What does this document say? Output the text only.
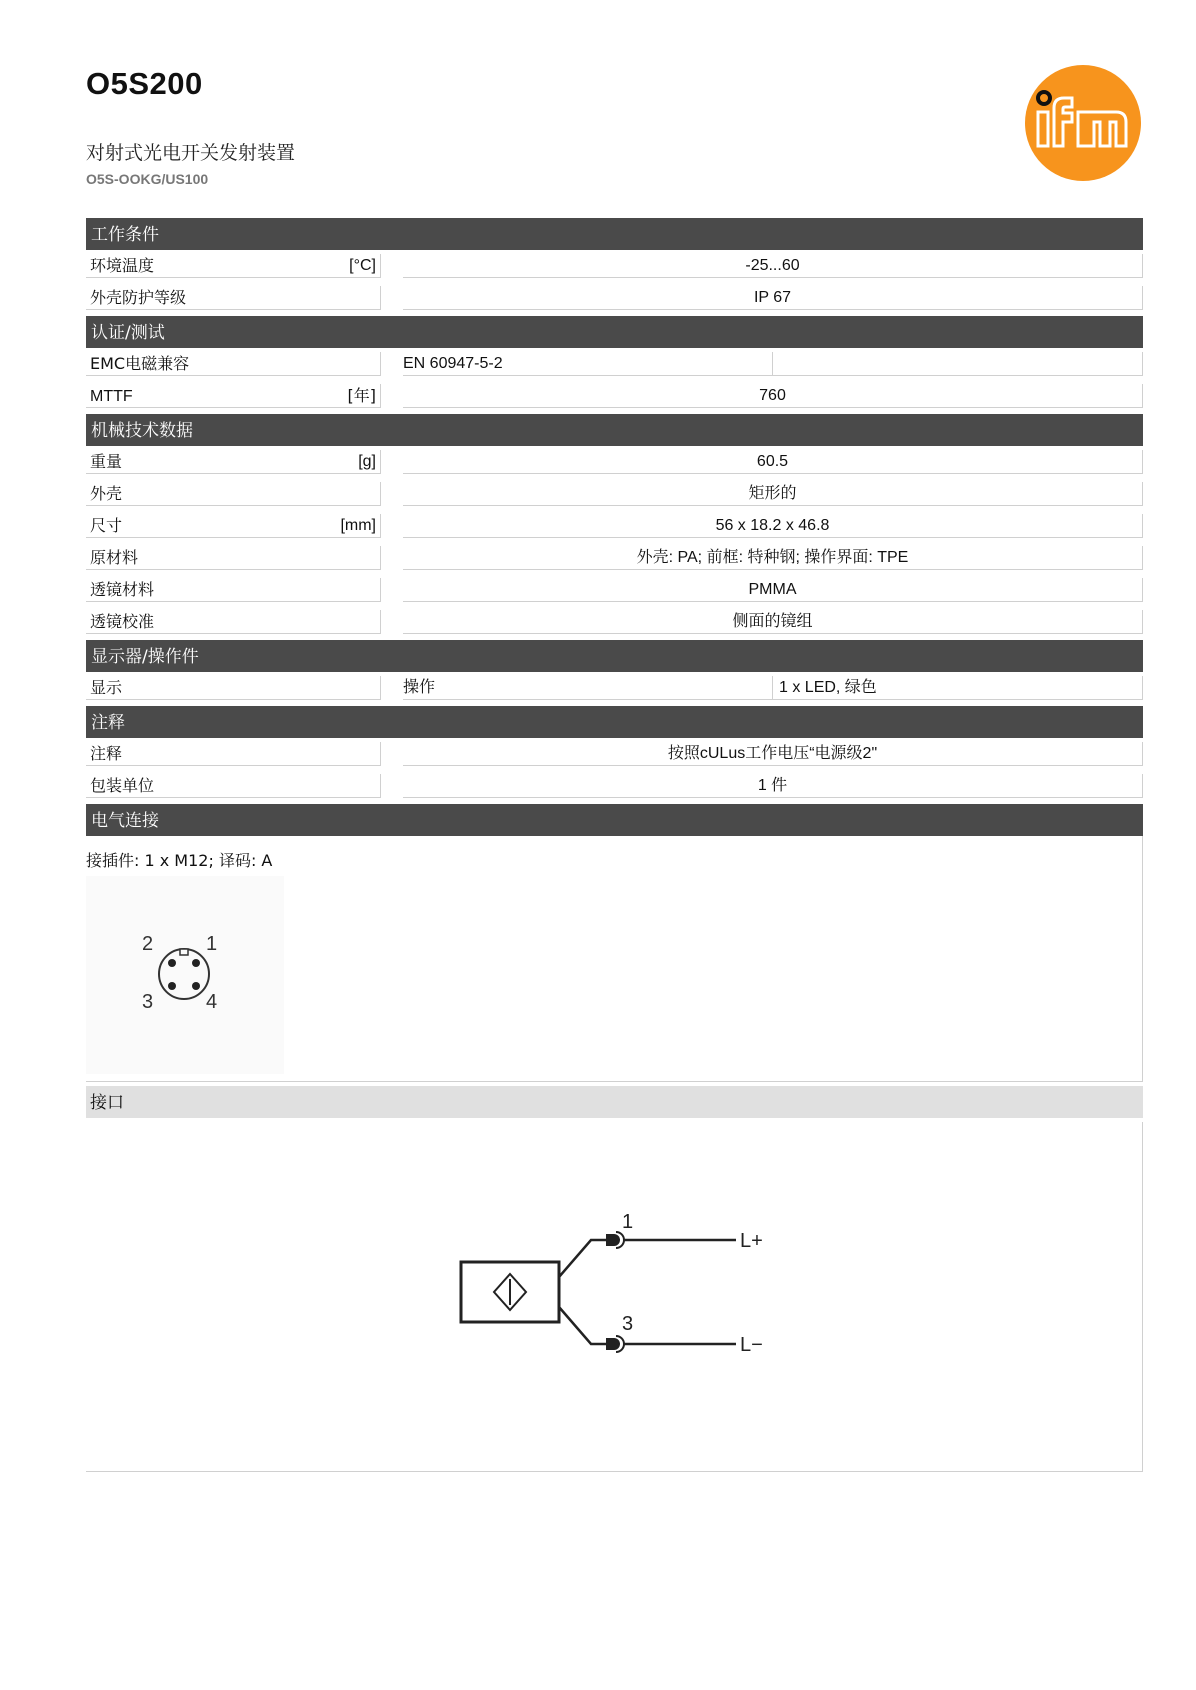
O5S200
对射式光电开关发射装置
O5S-OOKG/US100
工作条件
环境温度	[°C]	-25...60
外壳防护等级	IP 67
认证/测试
EMC电磁兼容	EN 60947-5-2
MTTF	[年]	760
机械技术数据
重量	[g]	60.5
外壳	矩形的
尺寸	[mm]	56 x 18.2 x 46.8
原材料	外壳: PA; 前框: 特种钢; 操作界面: TPE
透镜材料	PMMA
透镜校准	侧面的镜组
显示器/操作件
显示	操作	1 x LED, 绿色
注释
注释	按照cULus工作电压“电源级2"
包装单位	1 件
电气连接
接插件: 1 x M12; 译码: A
2	1
3	4
接口
1
3
L+
L−
